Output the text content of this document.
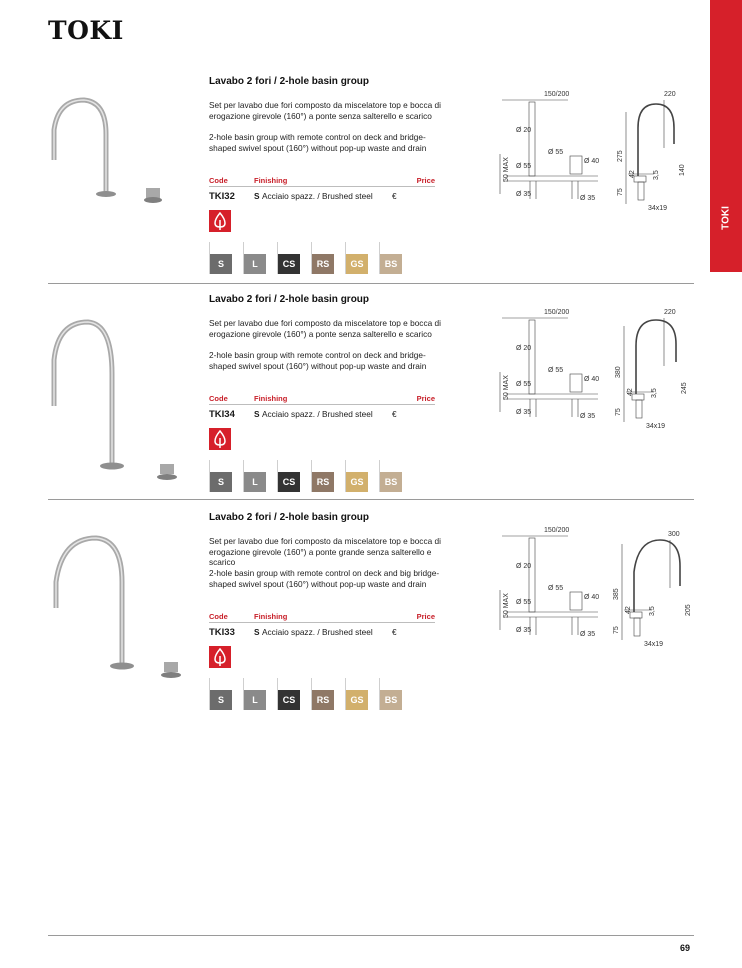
TOKI
TOKI
Lavabo 2 fori / 2-hole basin group
Set per lavabo due fori composto da miscelatore top e bocca di erogazione girevole (160°) a ponte senza salterello e scarico
2-hole basin group with remote control on deck and bridge-shaped swivel spout (160°) without pop-up waste and drain
Code	Finishing	Price
TKI32 S Acciaio spazz. / Brushed steel €
S	L	CS	RS	GS	BS
150/200
Ø 20
Ø 55
Ø 55
Ø 40
Ø 35
Ø 35
50 MAX
220
275
140
42
75
3,5
34x19
Lavabo 2 fori / 2-hole basin group
Set per lavabo due fori composto da miscelatore top e bocca di erogazione girevole (160°) a ponte senza salterello e scarico
2-hole basin group with remote control on deck and bridge-shaped swivel spout (160°) without pop-up waste and drain
Code	Finishing	Price
TKI34 S Acciaio spazz. / Brushed steel €
S	L	CS	RS	GS	BS
150/200
Ø 20
Ø 55
Ø 55
Ø 40
Ø 35
Ø 35
50 MAX
220
380
245
42
75
3,5
34x19
Lavabo 2 fori / 2-hole basin group
Set per lavabo due fori composto da miscelatore top e bocca di erogazione girevole (160°) a ponte grande senza salterello e scarico
2-hole basin group with remote control on deck and big bridge-shaped swivel spout (160°) without pop-up waste and drain
Code	Finishing	Price
TKI33 S Acciaio spazz. / Brushed steel €
S	L	CS	RS	GS	BS
150/200
Ø 20
Ø 55
Ø 55
Ø 40
Ø 35
Ø 35
50 MAX
300
385
205
42
75
3,5
34x19
69
